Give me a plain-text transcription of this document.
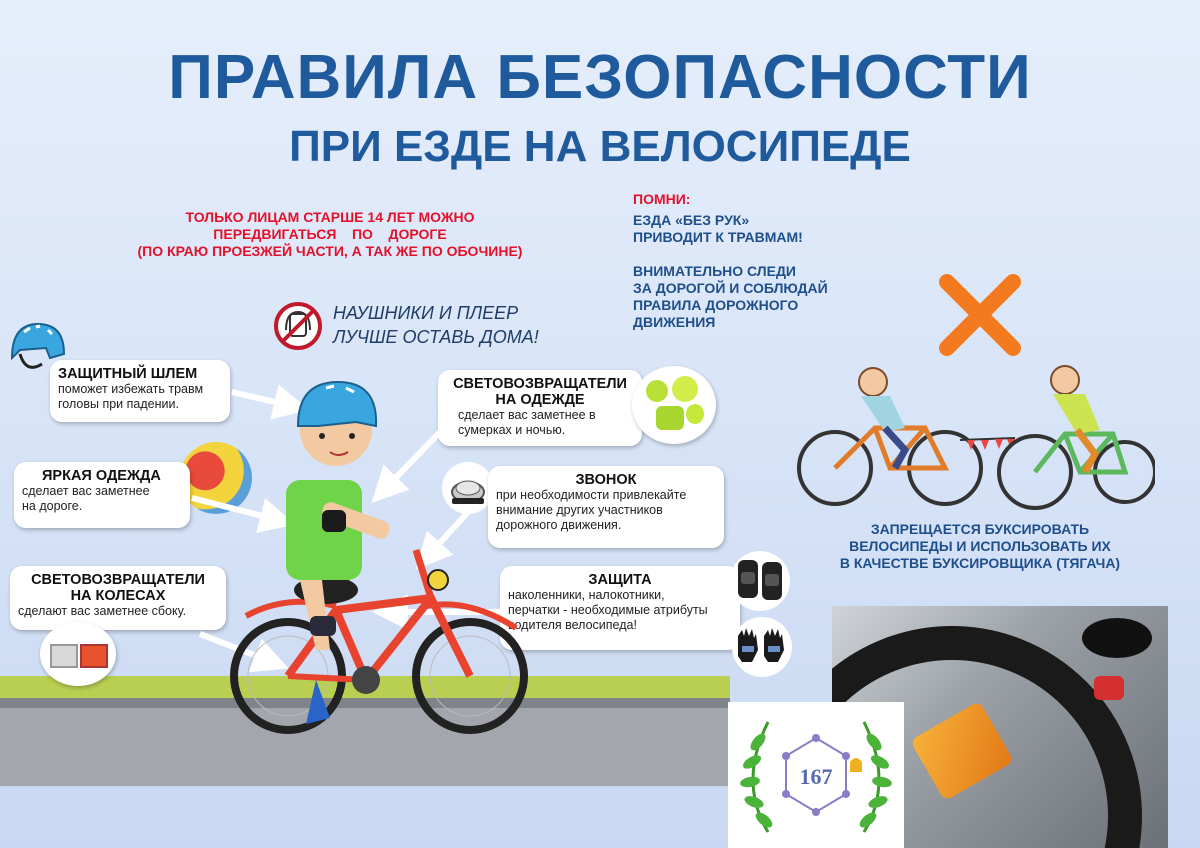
ПРАВИЛА БЕЗОПАСНОСТИ
ПРИ ЕЗДЕ НА ВЕЛОСИПЕДЕ
ТОЛЬКО ЛИЦАМ СТАРШЕ 14 ЛЕТ МОЖНО
ПЕРЕДВИГАТЬСЯ    ПО    ДОРОГЕ
(ПО КРАЮ ПРОЕЗЖЕЙ ЧАСТИ, А ТАК ЖЕ ПО ОБОЧИНЕ)
ПОМНИ:
ЕЗДА «БЕЗ РУК»
ПРИВОДИТ К ТРАВМАМ!
ВНИМАТЕЛЬНО СЛЕДИ
ЗА ДОРОГОЙ И СОБЛЮДАЙ
ПРАВИЛА ДОРОЖНОГО
ДВИЖЕНИЯ
ЗАПРЕЩАЕТСЯ БУКСИРОВАТЬ
ВЕЛОСИПЕДЫ И ИСПОЛЬЗОВАТЬ ИХ
В КАЧЕСТВЕ БУКСИРОВЩИКА (ТЯГАЧА)
НАУШНИКИ И ПЛЕЕР
ЛУЧШЕ ОСТАВЬ ДОМА!
ЗАЩИТНЫЙ ШЛЕМ
поможет избежать травм
головы при падении.
ЯРКАЯ ОДЕЖДА
сделает вас заметнее
на дороге.
СВЕТОВОЗВРАЩАТЕЛИ
НА КОЛЕСАХ
сделают вас заметнее сбоку.
СВЕТОВОЗВРАЩАТЕЛИ
НА ОДЕЖДЕ
сделает вас заметнее в
сумерках и ночью.
ЗВОНОК
при необходимости привлекайте
внимание других участников
дорожного движения.
ЗАЩИТА
наколенники, налокотники,
перчатки - необходимые атрибуты
водителя велосипеда!
167
